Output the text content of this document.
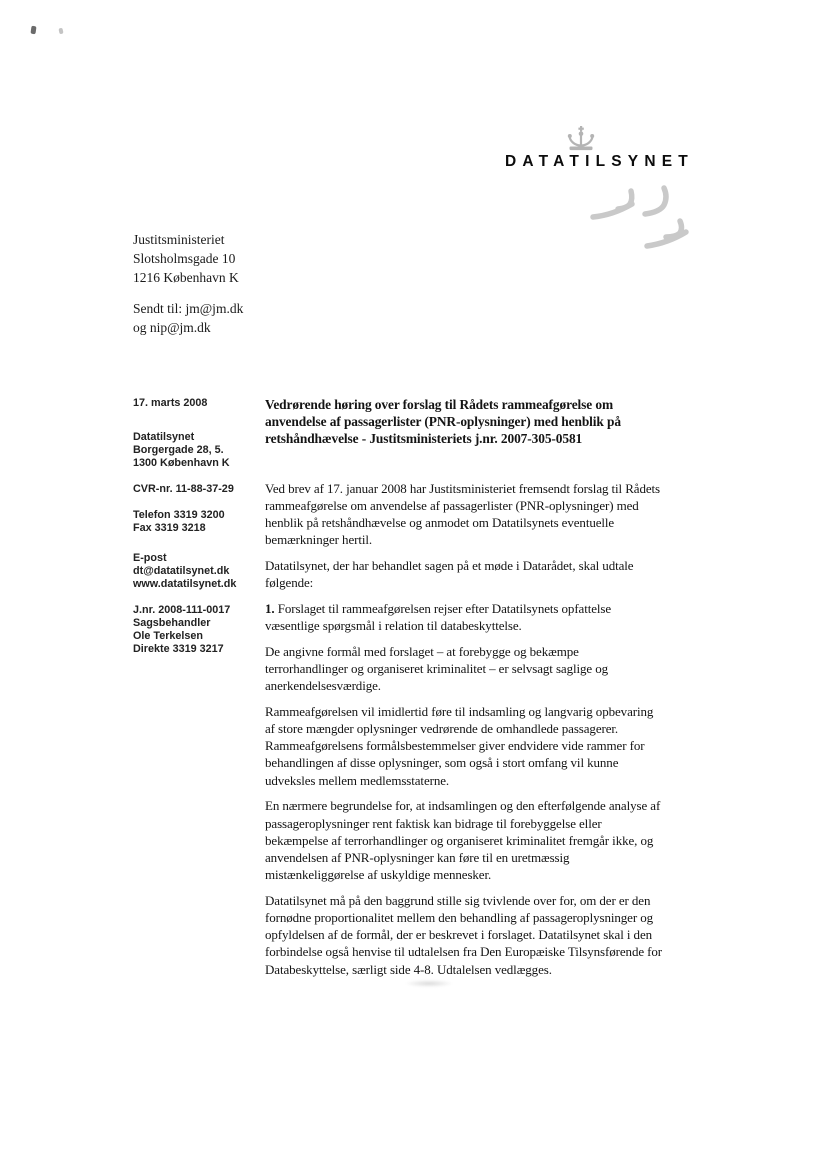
DATATILSYNET
Justitsministeriet
Slotsholmsgade 10
1216 København K
Sendt til: jm@jm.dk
og nip@jm.dk
17. marts 2008
Datatilsynet
Borgergade 28, 5.
1300 København K
CVR-nr. 11-88-37-29
Telefon 3319 3200
Fax 3319 3218
E-post
dt@datatilsynet.dk
www.datatilsynet.dk
J.nr. 2008-111-0017
Sagsbehandler
Ole Terkelsen
Direkte 3319 3217
Vedrørende høring over forslag til Rådets rammeafgørelse om
anvendelse af passagerlister (PNR-oplysninger) med henblik på
retshåndhævelse - Justitsministeriets j.nr. 2007-305-0581

Ved brev af 17. januar 2008 har Justitsministeriet fremsendt forslag til Rådets
rammeafgørelse om anvendelse af passagerlister (PNR-oplysninger) med
henblik på retshåndhævelse og anmodet om Datatilsynets eventuelle
bemærkninger hertil.

Datatilsynet, der har behandlet sagen på et møde i Datarådet, skal udtale
følgende:

1. Forslaget til rammeafgørelsen rejser efter Datatilsynets opfattelse
væsentlige spørgsmål i relation til databeskyttelse.

De angivne formål med forslaget – at forebygge og bekæmpe
terrorhandlinger og organiseret kriminalitet – er selvsagt saglige og
anerkendelsesværdige.

Rammeafgørelsen vil imidlertid føre til indsamling og langvarig opbevaring
af store mængder oplysninger vedrørende de omhandlede passagerer.
Rammeafgørelsens formålsbestemmelser giver endvidere vide rammer for
behandlingen af disse oplysninger, som også i stort omfang vil kunne
udveksles mellem medlemsstaterne.

En nærmere begrundelse for, at indsamlingen og den efterfølgende analyse af
passageroplysninger rent faktisk kan bidrage til forebyggelse eller
bekæmpelse af terrorhandlinger og organiseret kriminalitet fremgår ikke, og
anvendelsen af PNR-oplysninger kan føre til en uretmæssig
mistænkeliggørelse af uskyldige mennesker.

Datatilsynet må på den baggrund stille sig tvivlende over for, om der er den
fornødne proportionalitet mellem den behandling af passageroplysninger og
opfyldelsen af de formål, der er beskrevet i forslaget. Datatilsynet skal i den
forbindelse også henvise til udtalelsen fra Den Europæiske Tilsynsførende for
Databeskyttelse, særligt side 4-8. Udtalelsen vedlægges.
